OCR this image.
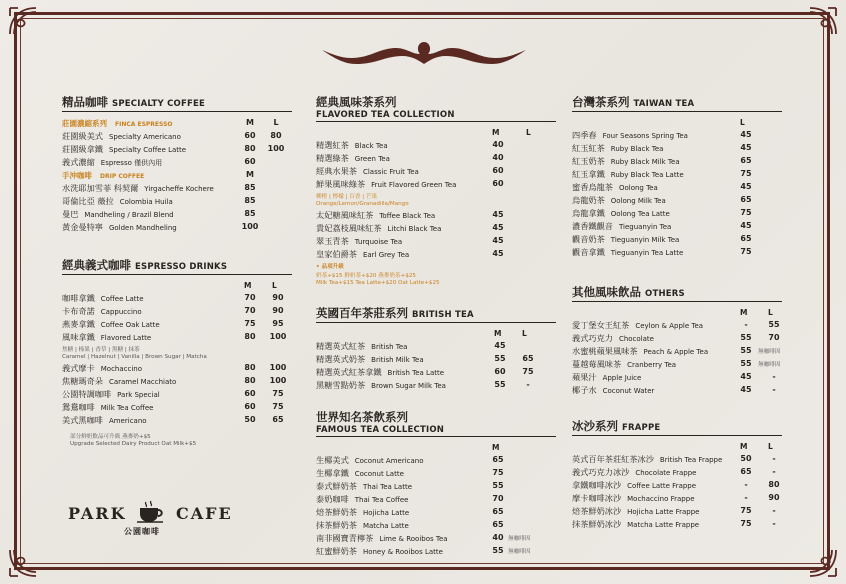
精品咖啡 SPECIALTY COFFEE
莊園濃縮系列 FINCA ESPRESSO	M	L
莊園級美式 Specialty Americano	60	80
莊園級拿鐵 Specialty Coffee Latte	80	100
義式濃縮 Espresso 僅供內用	60
手沖咖啡 DRIP COFFEE	M
水洗耶加雪菲 科契爾 Yirgacheffe Kochere	85
哥倫比亞 薇拉 Colombia Huila	85
曼巴 Mandheling / Brazil Blend	85
黃金曼特寧 Golden Mandheling	100
經典義式咖啡 ESPRESSO DRINKS
M	L
咖啡拿鐵 Coffee Latte	70	90
卡布奇諾 Cappuccino	70	90
燕麥拿鐵 Coffee Oak Latte	75	95
風味拿鐵 Flavored Latte	80	100
焦糖 | 榛果 | 香草 | 黑糖 | 抹茶
Caramel | Hazelnut | Vanilla | Brown Sugar | Matcha
義式摩卡 Mochaccino	80	100
焦糖瑪奇朵 Caramel Macchiato	80	100
公園特調咖啡 Park Special	60	75
鴛鴦咖啡 Milk Tea Coffee	60	75
美式黑咖啡 Americano	50	65
部分鮮奶飲品可升級 燕麥奶+$5
Upgrade Selected Dairy Product Oat Milk+$5
經典風味茶系列
FLAVORED TEA COLLECTION
M	L
精選紅茶 Black Tea	40
精選綠茶 Green Tea	40
經典水果茶 Classic Fruit Tea	60
鮮果風味綠茶 Fruit Flavored Green Tea	60
柳橙 | 檸檬 | 百香 | 芒果
Orange/Lemon/Granadilla/Mango
太妃糖風味紅茶 Toffee Black Tea	45
貴妃荔枝風味紅茶 Litchi Black Tea	45
翠玉青茶 Turquoise Tea	45
皇家伯爵茶 Earl Grey Tea	45
• 品項升級
奶茶+$15 鮮奶茶+$20 燕麥奶茶+$25
Milk Tea+$15 Tea Latte+$20 Oat Latte+$25
英國百年茶莊系列 BRITISH TEA
M	L
精選英式紅茶 British Tea	45
精選英式奶茶 British Milk Tea	55	65
精選英式紅茶拿鐵 British Tea Latte	60	75
黑糖雪點奶茶 Brown Sugar Milk Tea	55	-
世界知名茶飲系列
FAMOUS TEA COLLECTION
M
生椰美式 Coconut Americano	65
生椰拿鐵 Coconut Latte	75
泰式鮮奶茶 Thai Tea Latte	55
泰奶咖啡 Thai Tea Coffee	70
焙茶鮮奶茶 Hojicha Latte	65
抹茶鮮奶茶 Matcha Latte	65
南非國寶青檸茶 Lime & Rooibos Tea	40 無咖啡因
紅蜜鮮奶茶 Honey & Rooibos Latte	55 無咖啡因
台灣茶系列 TAIWAN TEA
L
四季春 Four Seasons Spring Tea	45
紅玉紅茶 Ruby Black Tea	45
紅玉奶茶 Ruby Black Milk Tea	65
紅玉拿鐵 Ruby Black Tea Latte	75
蜜香烏龍茶 Oolong Tea	45
烏龍奶茶 Oolong Milk Tea	65
烏龍拿鐵 Oolong Tea Latte	75
濃香鐵觀音 Tieguanyin Tea	45
觀音奶茶 Tieguanyin Milk Tea	65
觀音拿鐵 Tieguanyin Tea Latte	75
其他風味飲品 OTHERS
M	L
愛丁堡女王紅茶 Ceylon & Apple Tea	-	55
義式巧克力 Chocolate	55	70
水蜜桃蘋果風味茶 Peach & Apple Tea	55	無咖啡因
蔓越莓風味茶 Cranberry Tea	55	無咖啡因
蘋果汁 Apple Juice	45	-
椰子水 Coconut Water	45	-
冰沙系列 FRAPPE
M	L
英式百年茶莊紅茶冰沙 British Tea Frappe	50	-
義式巧克力冰沙 Chocolate Frappe	65	-
拿鐵咖啡冰沙 Coffee Latte Frappe	-	80
摩卡咖啡冰沙 Mochaccino Frappe	-	90
焙茶鮮奶冰沙 Hojicha Latte Frappe	75	-
抹茶鮮奶冰沙 Matcha Latte Frappe	75	-
PARK	CAFE
公園咖啡
